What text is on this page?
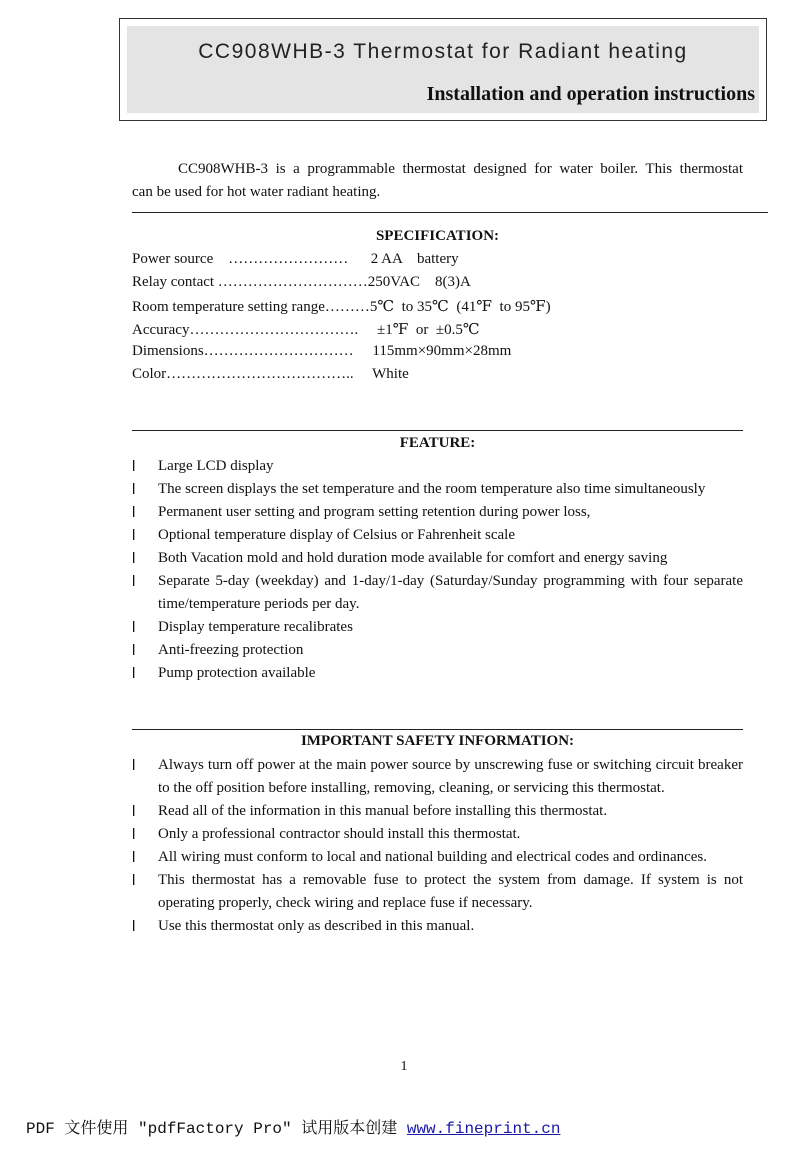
CC908WHB-3 Thermostat for Radiant heating
Installation and operation instructions
CC908WHB-3 is a programmable thermostat designed for water boiler. This thermostat
can be used for hot water radiant heating.
SPECIFICATION:
Power source    ……………………      2 AA    battery
Relay contact …………………………250VAC    8(3)A
Room temperature setting range………5℃  to 35℃  (41℉  to 95℉)
Accuracy…………………………….     ±1℉  or  ±0.5℃
Dimensions…………………………     115mm×90mm×28mm
Color………………………………..     White
FEATURE:
l Large LCD display
l The screen displays the set temperature and the room temperature also time simultaneously
l Permanent user setting and program setting retention during power loss,
l Optional temperature display of Celsius or Fahrenheit scale
l Both Vacation mold and hold duration mode available for comfort and energy saving
l Separate 5-day (weekday) and 1-day/1-day (Saturday/Sunday programming with four separate time/temperature periods per day.
l Display temperature recalibrates
l Anti-freezing protection
l Pump protection available
IMPORTANT SAFETY INFORMATION:
l Always turn off power at the main power source by unscrewing fuse or switching circuit breaker to the off position before installing, removing, cleaning, or servicing this thermostat.
l Read all of the information in this manual before installing this thermostat.
l Only a professional contractor should install this thermostat.
l All wiring must conform to local and national building and electrical codes and ordinances.
l This thermostat has a removable fuse to protect the system from damage. If system is not operating properly, check wiring and replace fuse if necessary.
l Use this thermostat only as described in this manual.
1
PDF 文件使用 "pdfFactory Pro" 试用版本创建 www.fineprint.cn
